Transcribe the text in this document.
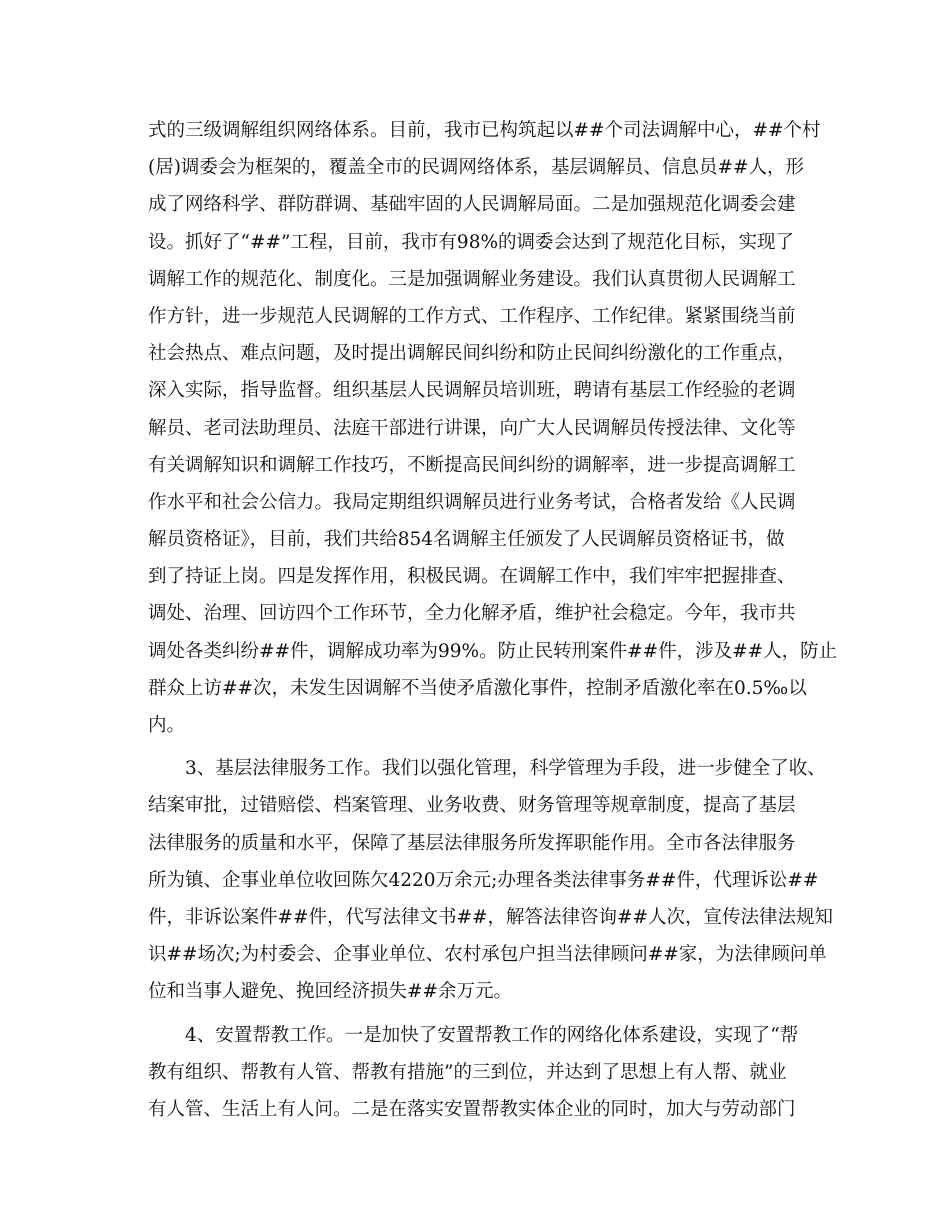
式的三级调解组织网络体系。目前，我市已构筑起以##个司法调解中心，##个村
(居)调委会为框架的，覆盖全市的民调网络体系，基层调解员、信息员##人，形
成了网络科学、群防群调、基础牢固的人民调解局面。二是加强规范化调委会建
设。抓好了“##”工程，目前，我市有98%的调委会达到了规范化目标，实现了
调解工作的规范化、制度化。三是加强调解业务建设。我们认真贯彻人民调解工
作方针，进一步规范人民调解的工作方式、工作程序、工作纪律。紧紧围绕当前
社会热点、难点问题，及时提出调解民间纠纷和防止民间纠纷激化的工作重点，
深入实际，指导监督。组织基层人民调解员培训班，聘请有基层工作经验的老调
解员、老司法助理员、法庭干部进行讲课，向广大人民调解员传授法律、文化等
有关调解知识和调解工作技巧，不断提高民间纠纷的调解率，进一步提高调解工
作水平和社会公信力。我局定期组织调解员进行业务考试，合格者发给《人民调
解员资格证》，目前，我们共给854名调解主任颁发了人民调解员资格证书，做
到了持证上岗。四是发挥作用，积极民调。在调解工作中，我们牢牢把握排查、
调处、治理、回访四个工作环节，全力化解矛盾，维护社会稳定。今年，我市共
调处各类纠纷##件，调解成功率为99%。防止民转刑案件##件，涉及##人，防止
群众上访##次，未发生因调解不当使矛盾激化事件，控制矛盾激化率在0.5‰以
内。
　　3、基层法律服务工作。我们以强化管理，科学管理为手段，进一步健全了收、
结案审批，过错赔偿、档案管理、业务收费、财务管理等规章制度，提高了基层
法律服务的质量和水平，保障了基层法律服务所发挥职能作用。全市各法律服务
所为镇、企事业单位收回陈欠4220万余元;办理各类法律事务##件，代理诉讼##
件，非诉讼案件##件，代写法律文书##，解答法律咨询##人次，宣传法律法规知
识##场次;为村委会、企事业单位、农村承包户担当法律顾问##家，为法律顾问单
位和当事人避免、挽回经济损失##余万元。
　　4、安置帮教工作。一是加快了安置帮教工作的网络化体系建设，实现了“帮
教有组织、帮教有人管、帮教有措施”的三到位，并达到了思想上有人帮、就业
有人管、生活上有人问。二是在落实安置帮教实体企业的同时，加大与劳动部门
